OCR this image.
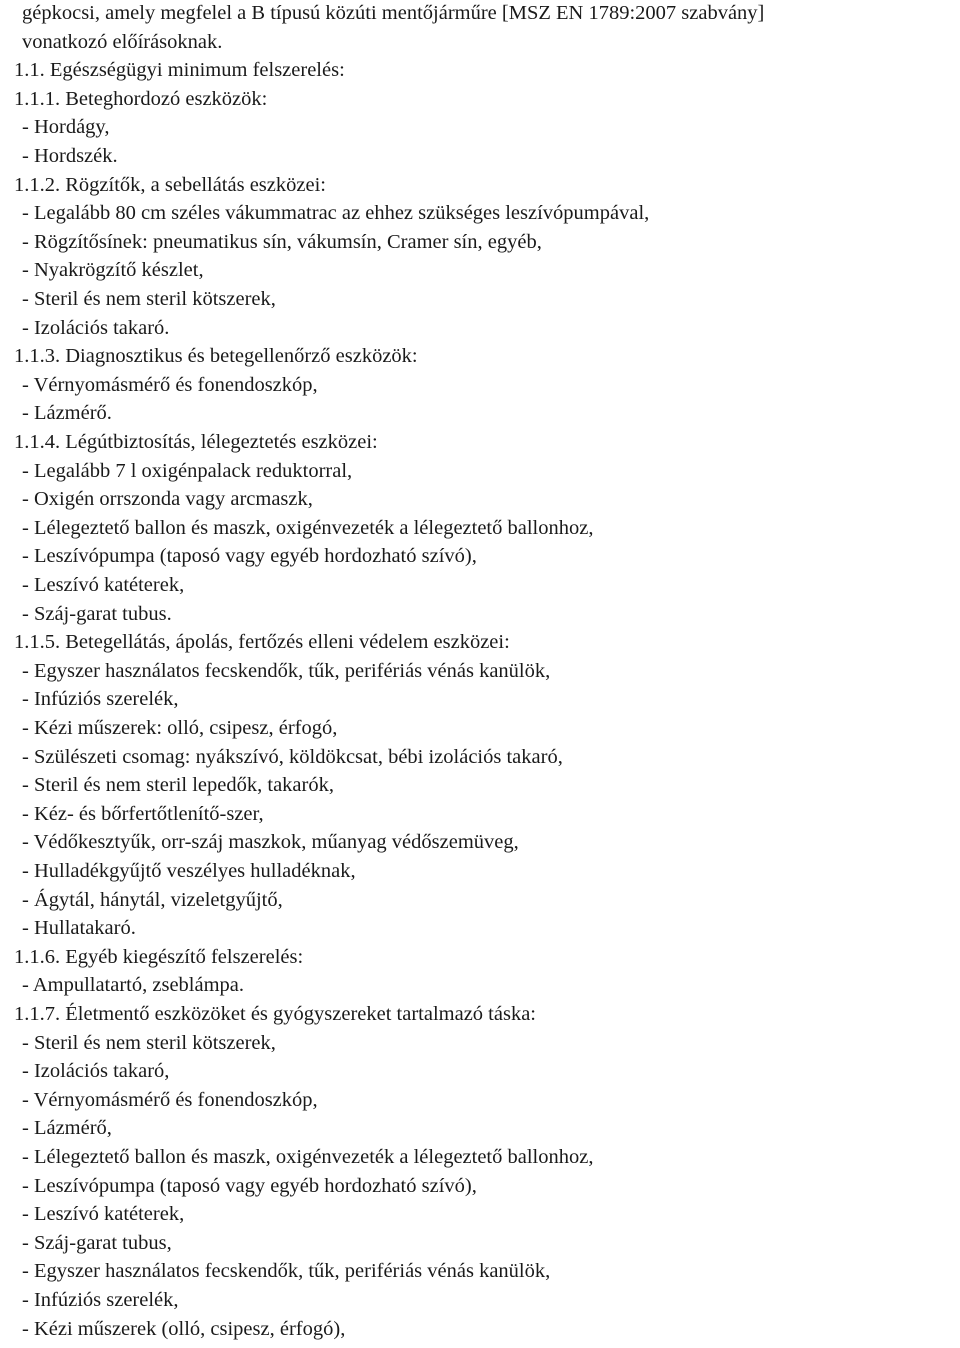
gépkocsi, amely megfelel a B típusú közúti mentőjárműre [MSZ EN 1789:2007 szabvány]
vonatkozó előírásoknak.
1.1. Egészségügyi minimum felszerelés:
1.1.1. Beteghordozó eszközök:
- Hordágy,
- Hordszék.
1.1.2. Rögzítők, a sebellátás eszközei:
- Legalább 80 cm széles vákummatrac az ehhez szükséges leszívópumpával,
- Rögzítősínek: pneumatikus sín, vákumsín, Cramer sín, egyéb,
- Nyakrögzítő készlet,
- Steril és nem steril kötszerek,
- Izolációs takaró.
1.1.3. Diagnosztikus és betegellenőrző eszközök:
- Vérnyomásmérő és fonendoszkóp,
- Lázmérő.
1.1.4. Légútbiztosítás, lélegeztetés eszközei:
- Legalább 7 l oxigénpalack reduktorral,
- Oxigén orrszonda vagy arcmaszk,
- Lélegeztető ballon és maszk, oxigénvezeték a lélegeztető ballonhoz,
- Leszívópumpa (taposó vagy egyéb hordozható szívó),
- Leszívó katéterek,
- Száj-garat tubus.
1.1.5. Betegellátás, ápolás, fertőzés elleni védelem eszközei:
- Egyszer használatos fecskendők, tűk, perifériás vénás kanülök,
- Infúziós szerelék,
- Kézi műszerek: olló, csipesz, érfogó,
- Szülészeti csomag: nyákszívó, köldökcsat, bébi izolációs takaró,
- Steril és nem steril lepedők, takarók,
- Kéz- és bőrfertőtlenítő-szer,
- Védőkesztyűk, orr-száj maszkok, műanyag védőszemüveg,
- Hulladékgyűjtő veszélyes hulladéknak,
- Ágytál, hánytál, vizeletgyűjtő,
- Hullatakaró.
1.1.6. Egyéb kiegészítő felszerelés:
- Ampullatartó, zseblámpa.
1.1.7. Életmentő eszközöket és gyógyszereket tartalmazó táska:
- Steril és nem steril kötszerek,
- Izolációs takaró,
- Vérnyomásmérő és fonendoszkóp,
- Lázmérő,
- Lélegeztető ballon és maszk, oxigénvezeték a lélegeztető ballonhoz,
- Leszívópumpa (taposó vagy egyéb hordozható szívó),
- Leszívó katéterek,
- Száj-garat tubus,
- Egyszer használatos fecskendők, tűk, perifériás vénás kanülök,
- Infúziós szerelék,
- Kézi műszerek (olló, csipesz, érfogó),
